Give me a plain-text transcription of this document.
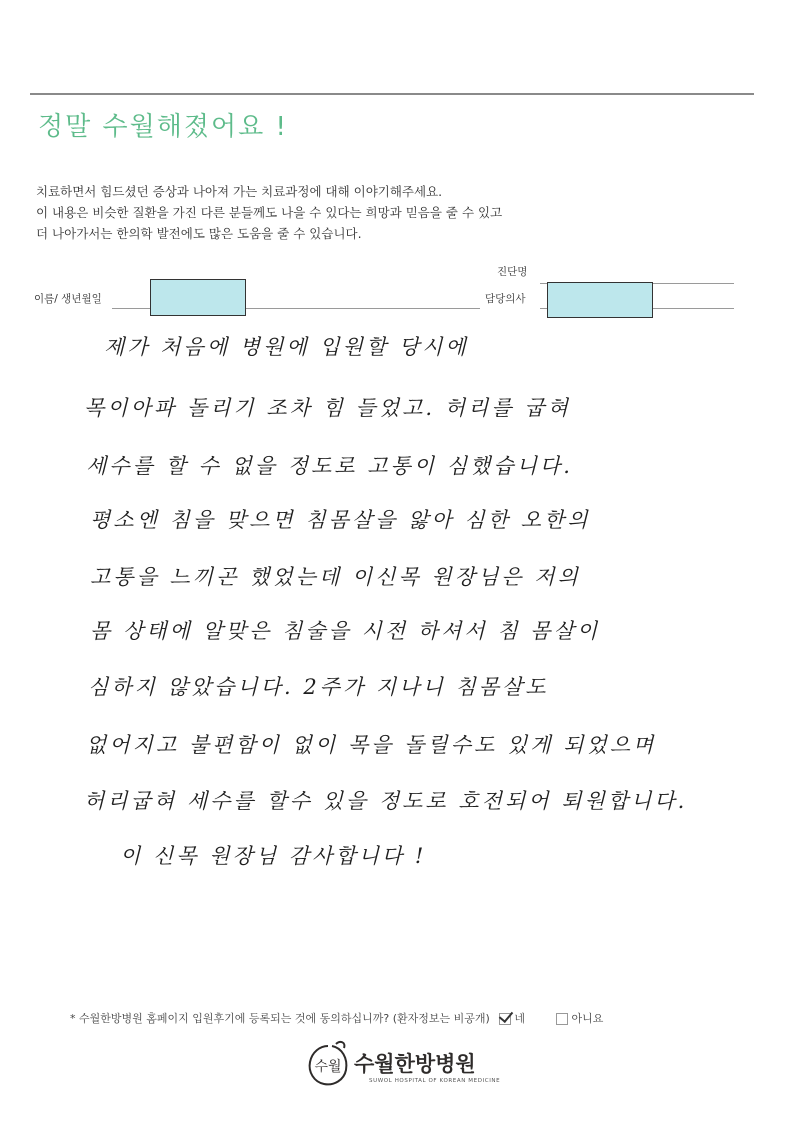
정말 수월해졌어요 !
치료하면서 힘드셨던 증상과 나아져 가는 치료과정에 대해 이야기해주세요.
이 내용은 비슷한 질환을 가진 다른 분들께도 나을 수 있다는 희망과 믿음을 줄 수 있고
더 나아가서는 한의학 발전에도 많은 도움을 줄 수 있습니다.
이름/ 생년월일
진단명
담당의사
제가 처음에 병원에 입원할 당시에
목이아파 돌리기 조차 힘 들었고. 허리를 굽혀
세수를 할 수 없을 정도로 고통이 심했습니다.
평소엔 침을 맞으면 침몸살을 앓아 심한 오한의
고통을 느끼곤 했었는데 이신목 원장님은 저의
몸 상태에 알맞은 침술을 시전 하셔서 침 몸살이
심하지 않았습니다. 2주가 지나니 침몸살도
없어지고 불편함이 없이 목을 돌릴수도 있게 되었으며
허리굽혀 세수를 할수 있을 정도로 호전되어 퇴원합니다.
이 신목 원장님 감사합니다 !
* 수월한방병원 홈페이지 입원후기에 등록되는 것에 동의하십니까? (환자정보는 비공개) 네	아니요
수월 수월한방병원
SUWOL HOSPITAL OF KOREAN MEDICINE
